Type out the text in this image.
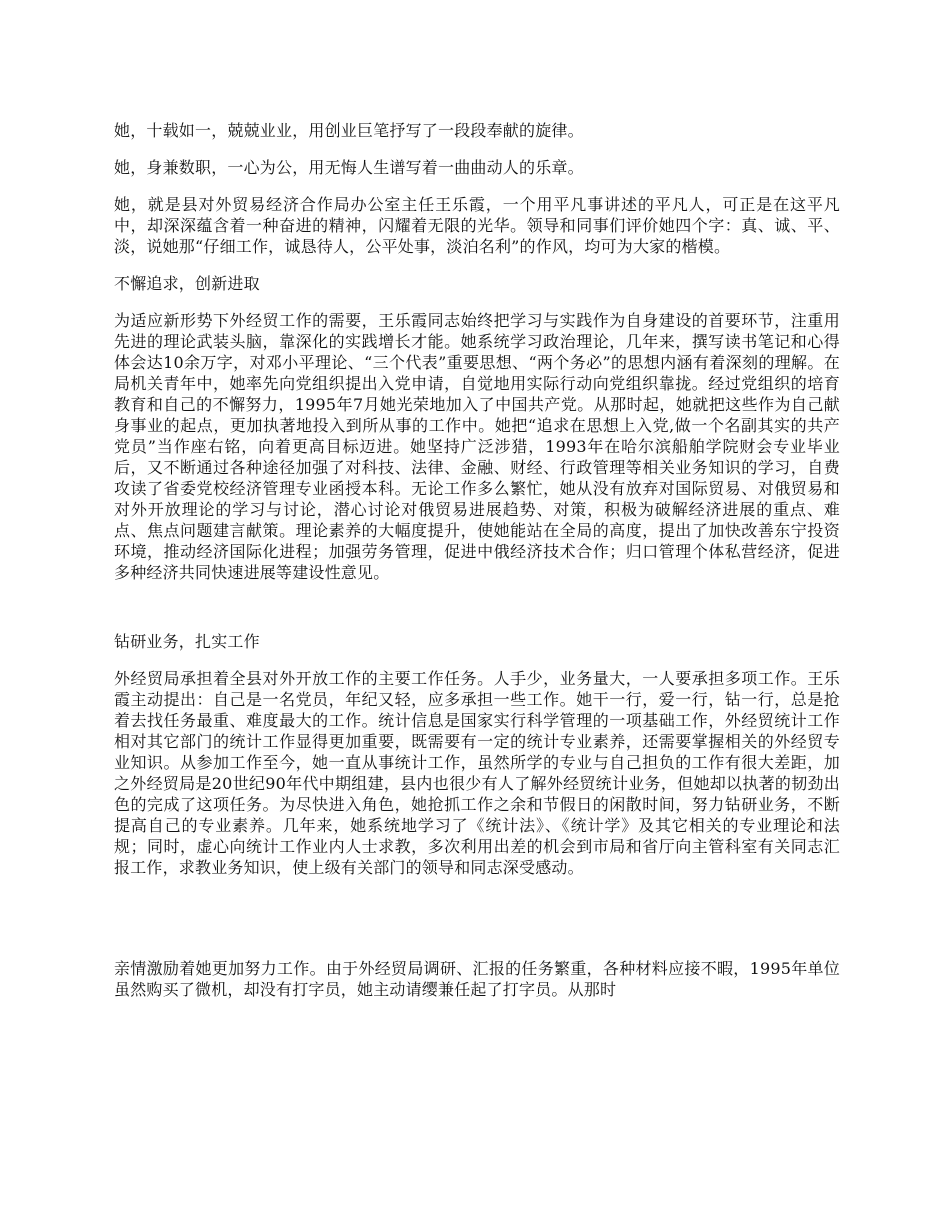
她，十载如一，兢兢业业，用创业巨笔抒写了一段段奉献的旋律。

她，身兼数职，一心为公，用无悔人生谱写着一曲曲动人的乐章。

她，就是县对外贸易经济合作局办公室主任王乐霞，一个用平凡事讲述的平凡人，可正是在这平凡中，却深深蕴含着一种奋进的精神，闪耀着无限的光华。领导和同事们评价她四个字：真、诚、平、淡，说她那“仔细工作，诚恳待人，公平处事，淡泊名利”的作风，均可为大家的楷模。

不懈追求，创新进取

为适应新形势下外经贸工作的需要，王乐霞同志始终把学习与实践作为自身建设的首要环节，注重用先进的理论武装头脑，靠深化的实践增长才能。她系统学习政治理论，几年来，撰写读书笔记和心得体会达10余万字，对邓小平理论、“三个代表”重要思想、“两个务必”的思想内涵有着深刻的理解。在局机关青年中，她率先向党组织提出入党申请，自觉地用实际行动向党组织靠拢。经过党组织的培育教育和自己的不懈努力，1995年7月她光荣地加入了中国共产党。从那时起，她就把这些作为自己献身事业的起点，更加执著地投入到所从事的工作中。她把“追求在思想上入党,做一个名副其实的共产党员”当作座右铭，向着更高目标迈进。她坚持广泛涉猎，1993年在哈尔滨船舶学院财会专业毕业后，又不断通过各种途径加强了对科技、法律、金融、财经、行政管理等相关业务知识的学习，自费攻读了省委党校经济管理专业函授本科。无论工作多么繁忙，她从没有放弃对国际贸易、对俄贸易和对外开放理论的学习与讨论，潜心讨论对俄贸易进展趋势、对策，积极为破解经济进展的重点、难点、焦点问题建言献策。理论素养的大幅度提升，使她能站在全局的高度，提出了加快改善东宁投资环境，推动经济国际化进程；加强劳务管理，促进中俄经济技术合作；归口管理个体私营经济，促进多种经济共同快速进展等建设性意见。

钻研业务，扎实工作

外经贸局承担着全县对外开放工作的主要工作任务。人手少，业务量大，一人要承担多项工作。王乐霞主动提出：自己是一名党员，年纪又轻，应多承担一些工作。她干一行，爱一行，钻一行，总是抢着去找任务最重、难度最大的工作。统计信息是国家实行科学管理的一项基础工作，外经贸统计工作相对其它部门的统计工作显得更加重要，既需要有一定的统计专业素养，还需要掌握相关的外经贸专业知识。从参加工作至今，她一直从事统计工作，虽然所学的专业与自己担负的工作有很大差距，加之外经贸局是20世纪90年代中期组建，县内也很少有人了解外经贸统计业务，但她却以执著的韧劲出色的完成了这项任务。为尽快进入角色，她抢抓工作之余和节假日的闲散时间，努力钻研业务，不断提高自己的专业素养。几年来，她系统地学习了《统计法》、《统计学》及其它相关的专业理论和法规；同时，虚心向统计工作业内人士求教，多次利用出差的机会到市局和省厅向主管科室有关同志汇报工作，求教业务知识，使上级有关部门的领导和同志深受感动。

亲情激励着她更加努力工作。由于外经贸局调研、汇报的任务繁重，各种材料应接不暇，1995年单位虽然购买了微机，却没有打字员，她主动请缨兼任起了打字员。从那时
